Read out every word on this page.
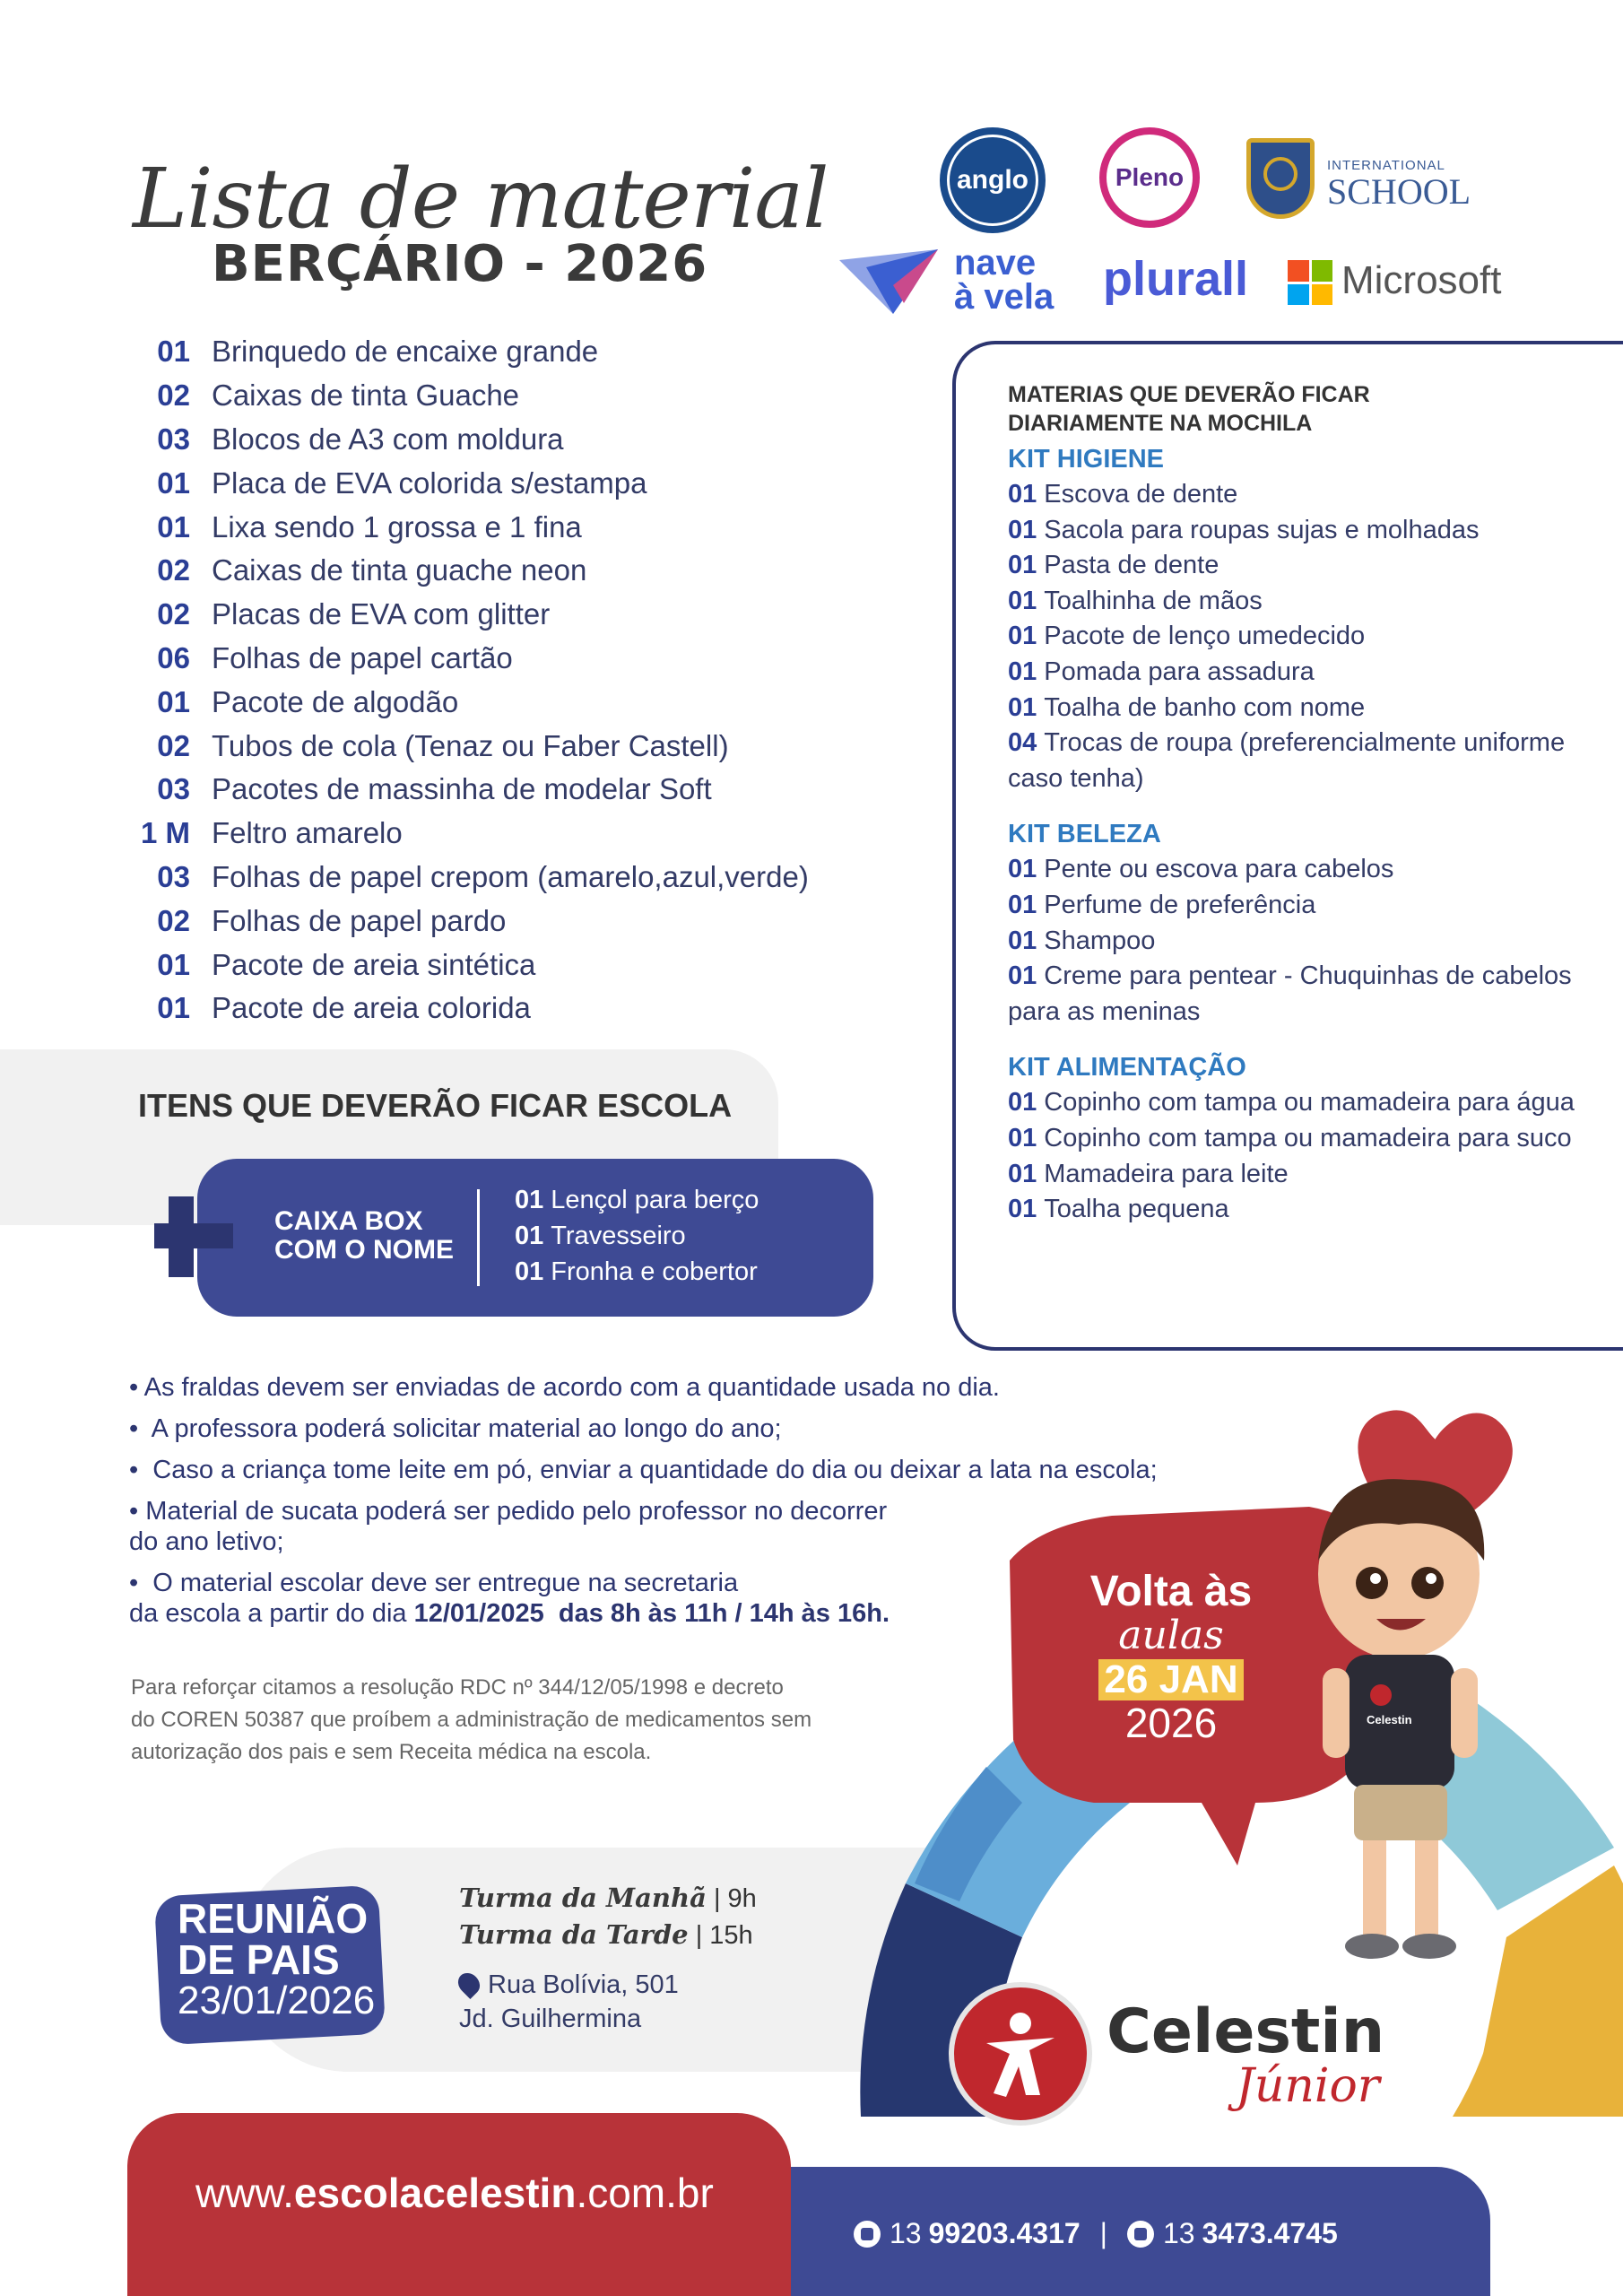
Lista de material
BERÇÁRIO - 2026
anglo	Pleno	INTERNATIONAL
SCHOOL
nave
à vela plurall Microsoft
01 Brinquedo de encaixe grande
02 Caixas de tinta Guache
03 Blocos de A3 com moldura
01 Placa de EVA colorida s/estampa
01 Lixa sendo 1 grossa e 1 fina
02 Caixas de tinta guache neon
02 Placas de EVA com glitter
06 Folhas de papel cartão
01 Pacote de algodão
02 Tubos de cola (Tenaz ou Faber Castell)
03 Pacotes de massinha de modelar Soft
1 M Feltro amarelo
03 Folhas de papel crepom (amarelo,azul,verde)
02 Folhas de papel pardo
01 Pacote de areia sintética
01 Pacote de areia colorida
MATERIAS QUE DEVERÃO FICAR
DIARIAMENTE NA MOCHILA
KIT HIGIENE
01 Escova de dente
01 Sacola para roupas sujas e molhadas
01 Pasta de dente
01 Toalhinha de mãos
01 Pacote de lenço umedecido
01 Pomada para assadura
01 Toalha de banho com nome
04 Trocas de roupa (preferencialmente uniforme caso tenha)
KIT BELEZA
01 Pente ou escova para cabelos
01 Perfume de preferência
01 Shampoo
01 Creme para pentear - Chuquinhas de cabelos para as meninas
KIT ALIMENTAÇÃO
01 Copinho com tampa ou mamadeira para água
01 Copinho com tampa ou mamadeira para suco
01 Mamadeira para leite
01 Toalha pequena
ITENS QUE DEVERÃO FICAR ESCOLA
CAIXA BOX
COM O NOME
01 Lençol para berço
01 Travesseiro
01 Fronha e cobertor
• As fraldas devem ser enviadas de acordo com a quantidade usada no dia.
•  A professora poderá solicitar material ao longo do ano;
•  Caso a criança tome leite em pó, enviar a quantidade do dia ou deixar a lata na escola;
• Material de sucata poderá ser pedido pelo professor no decorrer
do ano letivo;
•  O material escolar deve ser entregue na secretaria
da escola a partir do dia 12/01/2025  das 8h às 11h / 14h às 16h.
Para reforçar citamos a resolução RDC nº 344/12/05/1998 e decreto do COREN 50387 que proíbem a administração de medicamentos sem autorização dos pais e sem Receita médica na escola.
REUNIÃO
DE PAIS
23/01/2026
Turma da Manhã | 9h
Turma da Tarde | 15h
Rua Bolívia, 501
Jd. Guilhermina
Celestin
Volta às
aulas
26 JAN
2026
Celestin
Júnior
www.escolacelestin.com.br
13 99203.4317 | 13 3473.4745
